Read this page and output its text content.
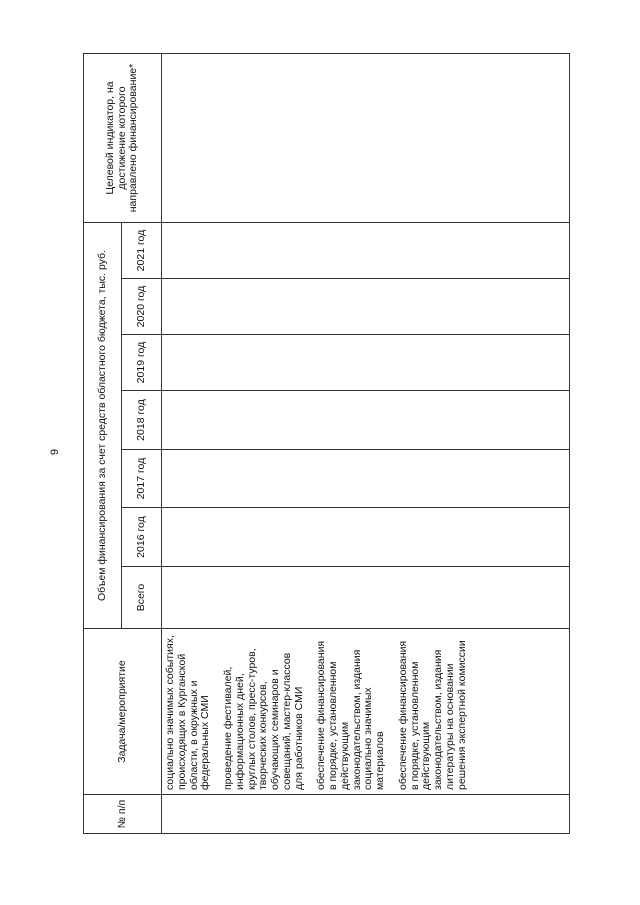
9
№ п/п	Задача/мероприятие	Объем финансирования за счет средств областного бюджета, тыс. руб.							Целевой индикатор, на достижение которого направлено финансирование*
		Всего	2016 год	2017 год	2018 год	2019 год	2020 год	2021 год	

	социально значимых событиях, происходящих в Курганской области, в окружных и федеральных СМИ проведение фестивалей, информационных дней, круглых столов, пресс-туров, творческих конкурсов, обучающих семинаров и совещаний, мастер-классов для работников СМИ обеспечение финансирования в порядке, установленном действующим законодательством, издания социально значимых материалов обеспечение финансирования в порядке, установленном действующим законодательством, издания литературы на основании решения экспертной комиссии								
